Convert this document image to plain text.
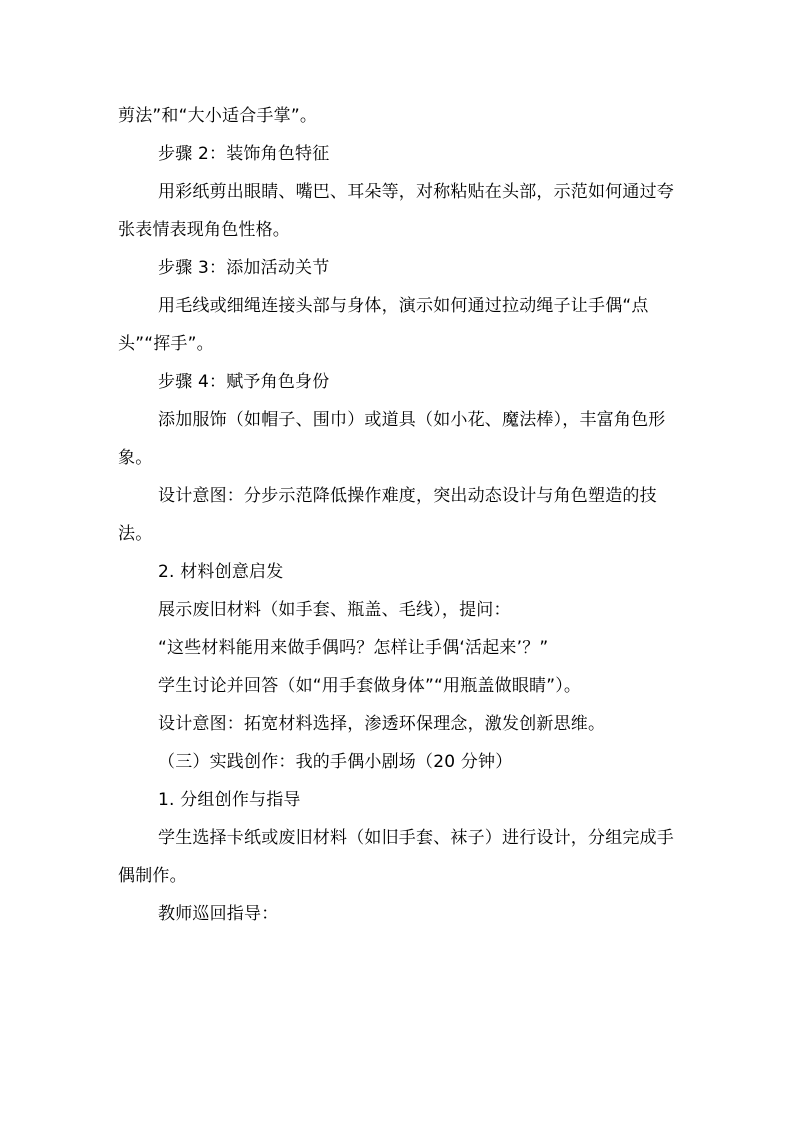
剪法”和“大小适合手掌”。

步骤 2：装饰角色特征

用彩纸剪出眼睛、嘴巴、耳朵等，对称粘贴在头部，示范如何通过夸张表情表现角色性格。

步骤 3：添加活动关节

用毛线或细绳连接头部与身体，演示如何通过拉动绳子让手偶“点头”“挥手”。

步骤 4：赋予角色身份

添加服饰（如帽子、围巾）或道具（如小花、魔法棒），丰富角色形象。

设计意图：分步示范降低操作难度，突出动态设计与角色塑造的技法。

2. 材料创意启发

展示废旧材料（如手套、瓶盖、毛线），提问：

“这些材料能用来做手偶吗？怎样让手偶‘活起来’？”

学生讨论并回答（如“用手套做身体”“用瓶盖做眼睛”）。

设计意图：拓宽材料选择，渗透环保理念，激发创新思维。

（三）实践创作：我的手偶小剧场（20 分钟）

1. 分组创作与指导

学生选择卡纸或废旧材料（如旧手套、袜子）进行设计，分组完成手偶制作。

教师巡回指导：
